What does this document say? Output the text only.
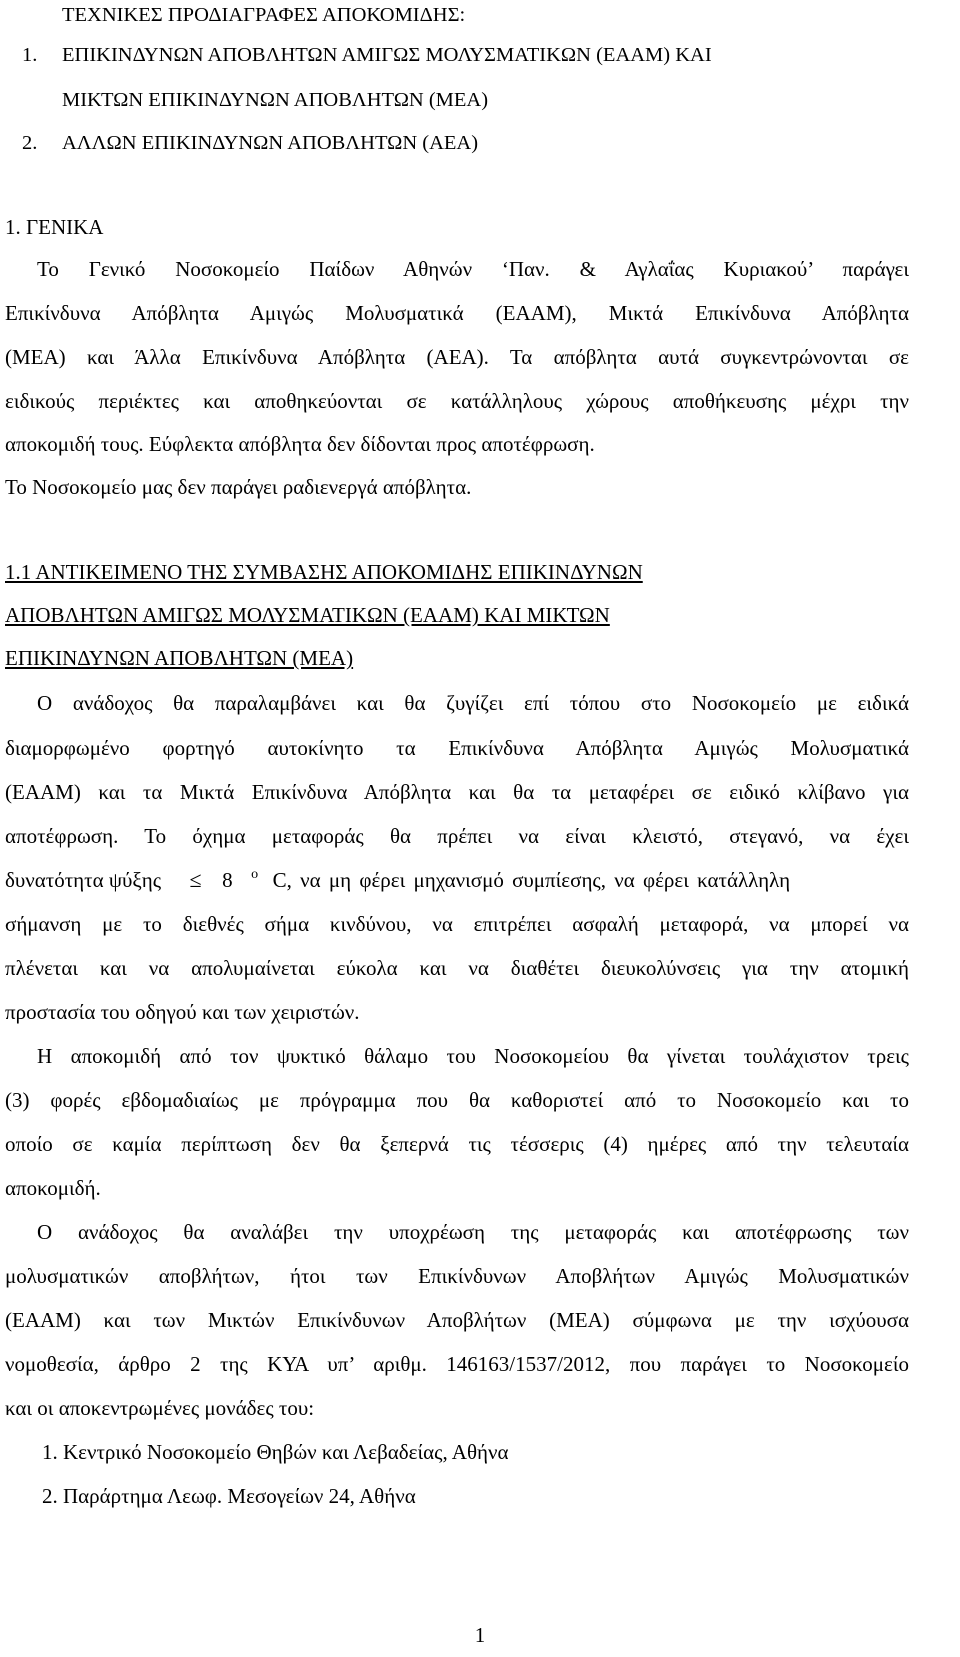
ΤΕΧΝΙΚΕΣ ΠΡΟΔΙΑΓΡΑΦΕΣ ΑΠΟΚΟΜΙΔΗΣ:
1. ΕΠΙΚΙΝΔΥΝΩΝ ΑΠΟΒΛΗΤΩΝ ΑΜΙΓΩΣ ΜΟΛΥΣΜΑΤΙΚΩΝ (ΕΑΑΜ) ΚΑΙ
ΜΙΚΤΩΝ ΕΠΙΚΙΝΔΥΝΩΝ ΑΠΟΒΛΗΤΩΝ (ΜΕΑ)
2. ΑΛΛΩΝ ΕΠΙΚΙΝΔΥΝΩΝ ΑΠΟΒΛΗΤΩΝ (ΑΕΑ)
1. ΓΕΝΙΚΑ
Το Γενικό Νοσοκομείο Παίδων Αθηνών ‘Παν. & Αγλαΐας Κυριακού’ παράγει
Επικίνδυνα Απόβλητα Αμιγώς Μολυσματικά (ΕΑΑΜ), Μικτά Επικίνδυνα Απόβλητα
(ΜΕΑ) και Άλλα Επικίνδυνα Απόβλητα (ΑΕΑ). Τα απόβλητα αυτά συγκεντρώνονται σε
ειδικούς περιέκτες και αποθηκεύονται σε κατάλληλους χώρους αποθήκευσης μέχρι την
αποκομιδή τους. Εύφλεκτα απόβλητα δεν δίδονται προς αποτέφρωση.
Το Νοσοκομείο μας δεν παράγει ραδιενεργά απόβλητα.
1.1 ΑΝΤΙΚΕΙΜΕΝΟ ΤΗΣ ΣΥΜΒΑΣΗΣ ΑΠΟΚΟΜΙΔΗΣ ΕΠΙΚΙΝΔΥΝΩΝ
ΑΠΟΒΛΗΤΩΝ ΑΜΙΓΩΣ ΜΟΛΥΣΜΑΤΙΚΩΝ (ΕΑΑΜ) ΚΑΙ ΜΙΚΤΩΝ
ΕΠΙΚΙΝΔΥΝΩΝ ΑΠΟΒΛΗΤΩΝ (ΜΕΑ)
Ο ανάδοχος θα παραλαμβάνει και θα ζυγίζει επί τόπου στο Νοσοκομείο με ειδικά
διαμορφωμένο φορτηγό αυτοκίνητο τα Επικίνδυνα Απόβλητα Αμιγώς Μολυσματικά
(ΕΑΑΜ) και τα Μικτά Επικίνδυνα Απόβλητα και θα τα μεταφέρει σε ειδικό κλίβανο για
αποτέφρωση. Το όχημα μεταφοράς θα πρέπει να είναι κλειστό, στεγανό, να έχει
δυνατότητα ψύξης ≤ 8 $^o$ C, να μη φέρει μηχανισμό συμπίεσης, να φέρει κατάλληλη
σήμανση με το διεθνές σήμα κινδύνου, να επιτρέπει ασφαλή μεταφορά, να μπορεί να
πλένεται και να απολυμαίνεται εύκολα και να διαθέτει διευκολύνσεις για την ατομική
προστασία του οδηγού και των χειριστών.
Η αποκομιδή από τον ψυκτικό θάλαμο του Νοσοκομείου θα γίνεται τουλάχιστον τρεις
(3) φορές εβδομαδιαίως με πρόγραμμα που θα καθοριστεί από το Νοσοκομείο και το
οποίο σε καμία περίπτωση δεν θα ξεπερνά τις τέσσερις (4) ημέρες από την τελευταία
αποκομιδή.
Ο ανάδοχος θα αναλάβει την υποχρέωση της μεταφοράς και αποτέφρωσης των
μολυσματικών αποβλήτων, ήτοι των Επικίνδυνων Αποβλήτων Αμιγώς Μολυσματικών
(ΕΑΑΜ) και των Μικτών Επικίνδυνων Αποβλήτων (ΜΕΑ) σύμφωνα με την ισχύουσα
νομοθεσία, άρθρο 2 της ΚΥΑ υπ’ αριθμ. 146163/1537/2012, που παράγει το Νοσοκομείο
και οι αποκεντρωμένες μονάδες του:
1. Κεντρικό Νοσοκομείο Θηβών και Λεβαδείας, Αθήνα
2. Παράρτημα Λεωφ. Μεσογείων 24, Αθήνα
1
